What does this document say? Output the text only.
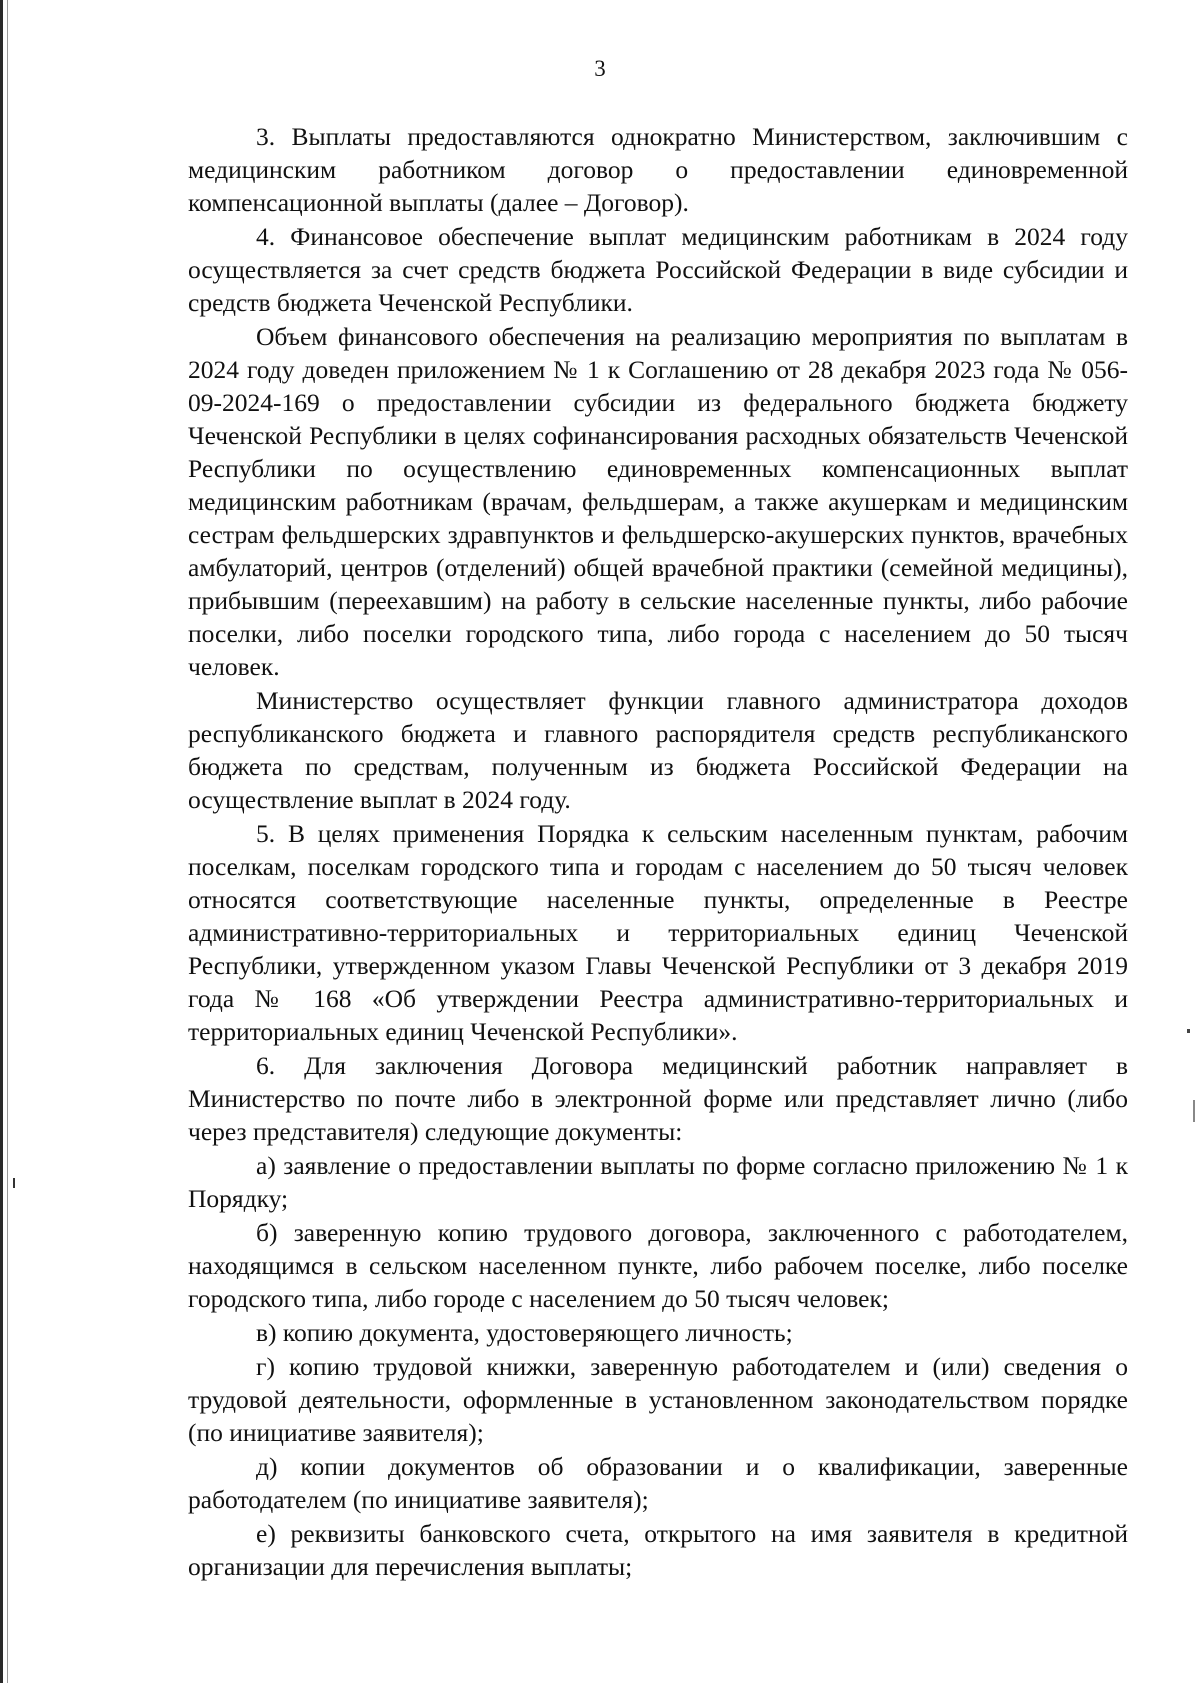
3

3. Выплаты предоставляются однократно Министерством, заключившим с медицинским работником договор о предоставлении единовременной компенсационной выплаты (далее – Договор).

4. Финансовое обеспечение выплат медицинским работникам в 2024 году осуществляется за счет средств бюджета Российской Федерации в виде субсидии и средств бюджета Чеченской Республики.

Объем финансового обеспечения на реализацию мероприятия по выплатам в 2024 году доведен приложением № 1 к Соглашению от 28 декабря 2023 года № 056-09-2024-169 о предоставлении субсидии из федерального бюджета бюджету Чеченской Республики в целях софинансирования расходных обязательств Чеченской Республики по осуществлению единовременных компенсационных выплат медицинским работникам (врачам, фельдшерам, а также акушеркам и медицинским сестрам фельдшерских здравпунктов и фельдшерско-акушерских пунктов, врачебных амбулаторий, центров (отделений) общей врачебной практики (семейной медицины), прибывшим (переехавшим) на работу в сельские населенные пункты, либо рабочие поселки, либо поселки городского типа, либо города с населением до 50 тысяч человек.

Министерство осуществляет функции главного администратора доходов республиканского бюджета и главного распорядителя средств республиканского бюджета по средствам, полученным из бюджета Российской Федерации на осуществление выплат в 2024 году.

5. В целях применения Порядка к сельским населенным пунктам, рабочим поселкам, поселкам городского типа и городам с населением до 50 тысяч человек относятся соответствующие населенные пункты, определенные в Реестре административно-территориальных и территориальных единиц Чеченской Республики, утвержденном указом Главы Чеченской Республики от 3 декабря 2019 года № 168 «Об утверждении Реестра административно-территориальных и территориальных единиц Чеченской Республики».

6. Для заключения Договора медицинский работник направляет в Министерство по почте либо в электронной форме или представляет лично (либо через представителя) следующие документы:

а) заявление о предоставлении выплаты по форме согласно приложению № 1 к Порядку;

б) заверенную копию трудового договора, заключенного с работодателем, находящимся в сельском населенном пункте, либо рабочем поселке, либо поселке городского типа, либо городе с населением до 50 тысяч человек;

в) копию документа, удостоверяющего личность;

г) копию трудовой книжки, заверенную работодателем и (или) сведения о трудовой деятельности, оформленные в установленном законодательством порядке (по инициативе заявителя);

д) копии документов об образовании и о квалификации, заверенные работодателем (по инициативе заявителя);

е) реквизиты банковского счета, открытого на имя заявителя в кредитной организации для перечисления выплаты;
